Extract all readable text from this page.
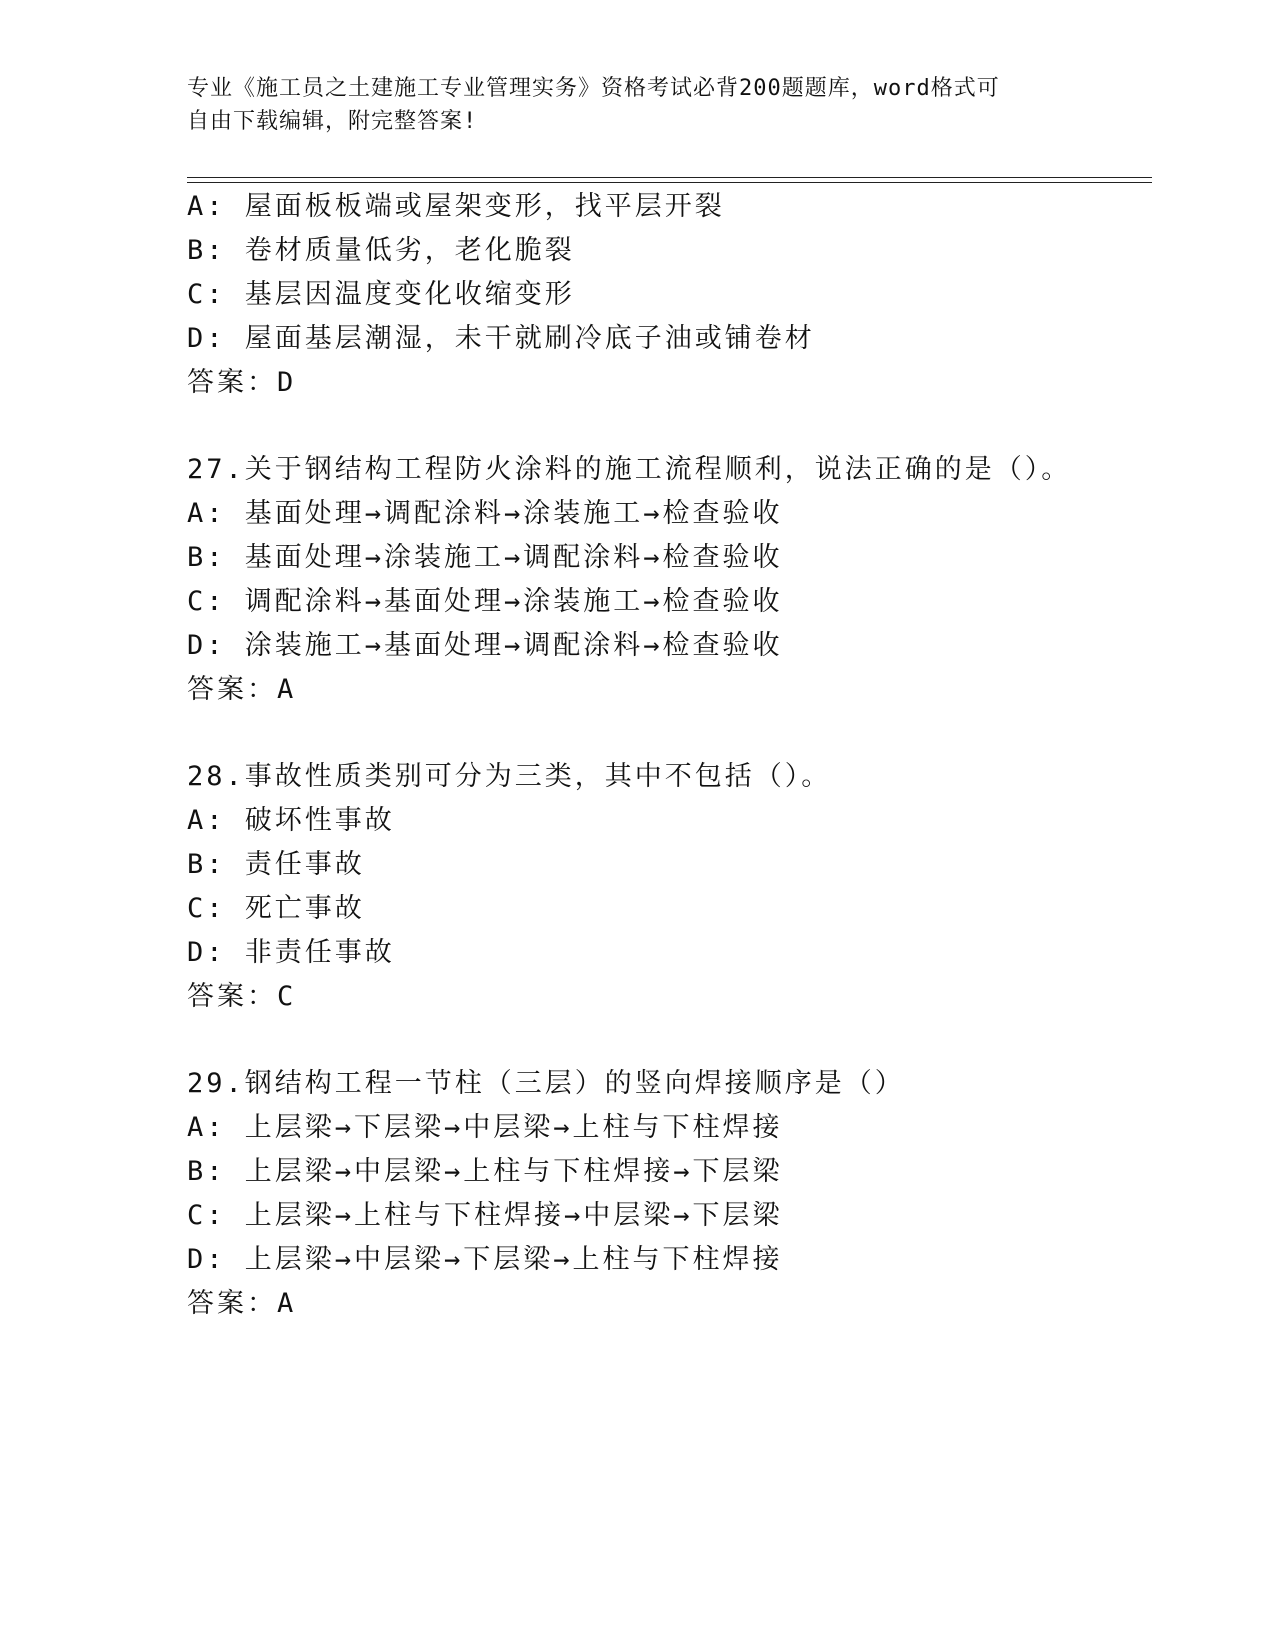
专业《施工员之土建施工专业管理实务》资格考试必背200题题库，word格式可
自由下载编辑，附完整答案!
A: 屋面板板端或屋架变形，找平层开裂
B: 卷材质量低劣，老化脆裂
C: 基层因温度变化收缩变形
D: 屋面基层潮湿，未干就刷冷底子油或铺卷材
答案：D
27.关于钢结构工程防火涂料的施工流程顺利，说法正确的是（）。
A: 基面处理→调配涂料→涂装施工→检查验收
B: 基面处理→涂装施工→调配涂料→检查验收
C: 调配涂料→基面处理→涂装施工→检查验收
D: 涂装施工→基面处理→调配涂料→检查验收
答案：A
28.事故性质类别可分为三类，其中不包括（）。
A: 破坏性事故
B: 责任事故
C: 死亡事故
D: 非责任事故
答案：C
29.钢结构工程一节柱（三层）的竖向焊接顺序是（）
A: 上层梁→下层梁→中层梁→上柱与下柱焊接
B: 上层梁→中层梁→上柱与下柱焊接→下层梁
C: 上层梁→上柱与下柱焊接→中层梁→下层梁
D: 上层梁→中层梁→下层梁→上柱与下柱焊接
答案：A
